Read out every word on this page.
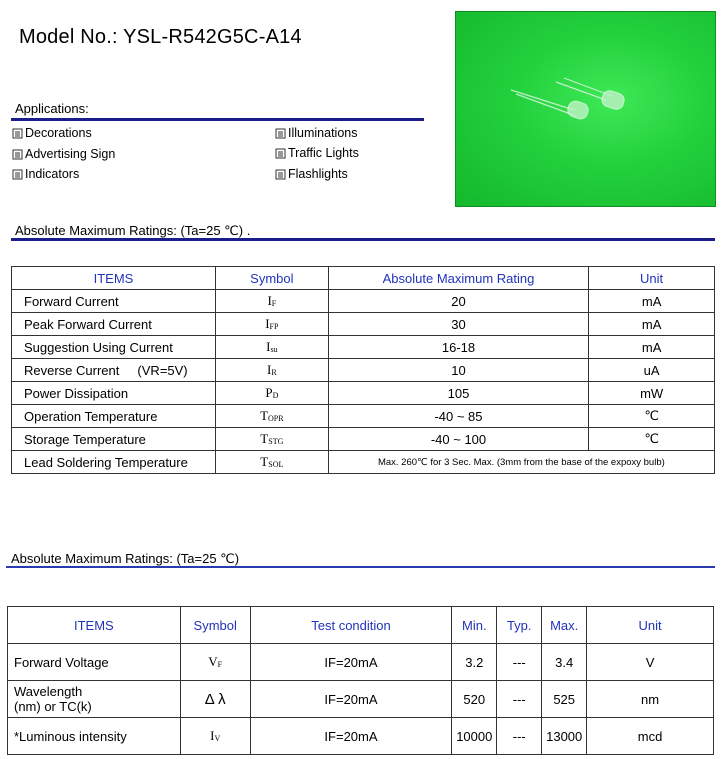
Model No.: YSL-R542G5C-A14
Applications:
Decorations
Advertising Sign
Indicators
Illuminations
Traffic Lights
Flashlights
Absolute Maximum Ratings: (Ta=25 ℃) .
ITEMS	Symbol	Absolute Maximum Rating	Unit
Forward Current	$I_F$	20	mA
Peak Forward Current	$I_{FP}$	30	mA
Suggestion Using Current	$I_{su}$	16-18	mA
Reverse Current     (VR=5V)	$I_R$	10	uA
Power Dissipation	$P_D$	105	mW
Operation Temperature	$T_{OPR}$	-40 ~ 85	℃
Storage Temperature	$T_{STG}$	-40 ~ 100	℃
Lead Soldering Temperature	$T_{SOL}$	Max. 260℃ for 3 Sec. Max. (3mm from the base of the expoxy bulb)	
Absolute Maximum Ratings: (Ta=25 ℃)
ITEMS	Symbol	Test condition	Min.	Typ.	Max.	Unit
Forward Voltage	$V_F$	IF=20mA	3.2	---	3.4	V
Wavelength
(nm) or TC(k)	Δ λ	IF=20mA	520	---	525	nm
*Luminous intensity	$I_V$	IF=20mA	10000	---	13000	mcd
